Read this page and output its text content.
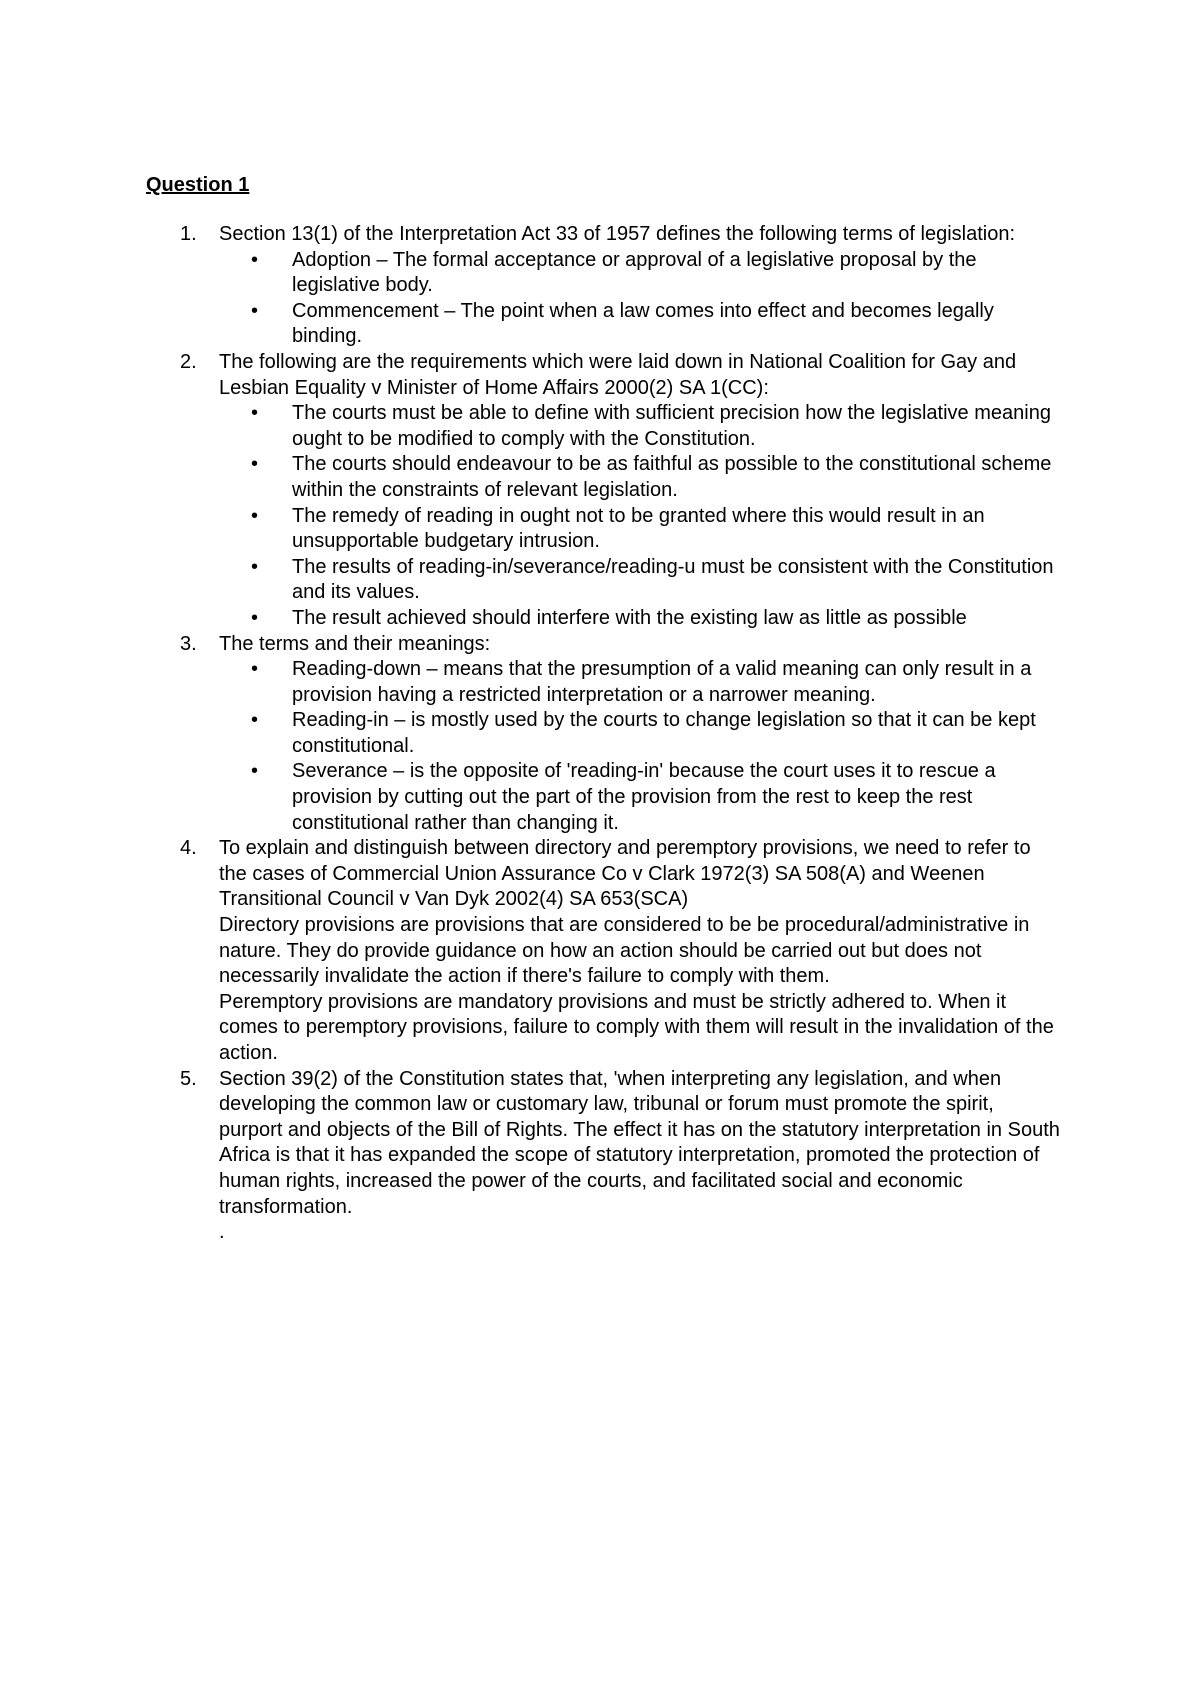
Question 1
1. Section 13(1) of the Interpretation Act 33 of 1957 defines the following terms of legislation:
• Adoption – The formal acceptance or approval of a legislative proposal by the legislative body.
• Commencement – The point when a law comes into effect and becomes legally binding.
2. The following are the requirements which were laid down in National Coalition for Gay and Lesbian Equality v Minister of Home Affairs 2000(2) SA 1(CC):
• The courts must be able to define with sufficient precision how the legislative meaning ought to be modified to comply with the Constitution.
• The courts should endeavour to be as faithful as possible to the constitutional scheme within the constraints of relevant legislation.
• The remedy of reading in ought not to be granted where this would result in an unsupportable budgetary intrusion.
• The results of reading-in/severance/reading-u must be consistent with the Constitution and its values.
• The result achieved should interfere with the existing law as little as possible
3. The terms and their meanings:
• Reading-down – means that the presumption of a valid meaning can only result in a provision having a restricted interpretation or a narrower meaning.
• Reading-in – is mostly used by the courts to change legislation so that it can be kept constitutional.
• Severance – is the opposite of 'reading-in' because the court uses it to rescue a provision by cutting out the part of the provision from the rest to keep the rest constitutional rather than changing it.
4. To explain and distinguish between directory and peremptory provisions, we need to refer to the cases of Commercial Union Assurance Co v Clark 1972(3) SA 508(A) and Weenen Transitional Council v Van Dyk 2002(4) SA 653(SCA)
Directory provisions are provisions that are considered to be be procedural/administrative in nature. They do provide guidance on how an action should be carried out but does not necessarily invalidate the action if there's failure to comply with them.
Peremptory provisions are mandatory provisions and must be strictly adhered to. When it comes to peremptory provisions, failure to comply with them will result in the invalidation of the action.
5. Section 39(2) of the Constitution states that, 'when interpreting any legislation, and when developing the common law or customary law, tribunal or forum must promote the spirit, purport and objects of the Bill of Rights. The effect it has on the statutory interpretation in South Africa is that it has expanded the scope of statutory interpretation, promoted the protection of human rights, increased the power of the courts, and facilitated social and economic transformation.
.
